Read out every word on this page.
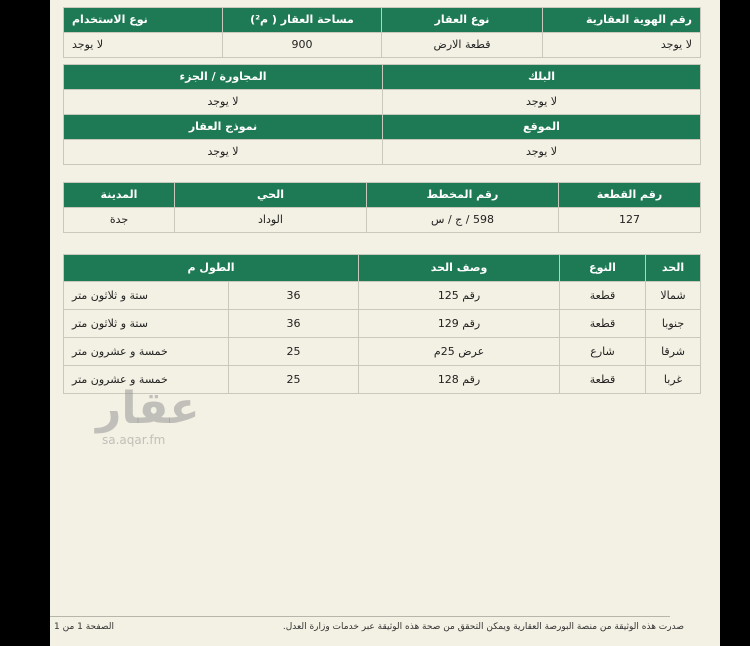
رقم الهوية العقارية	نوع العقار	مساحة العقار ( م²)	نوع الاستخدام
لا يوجد	قطعة الارض	900	لا يوجد
البلك	المجاورة / الجزء
لا يوجد	لا يوجد
الموقع	نموذج العقار
لا يوجد	لا يوجد
رقم القطعة	رقم المخطط	الحي	المدينة
127	598 / ج / س	الوداد	جدة
الحد	النوع	وصف الحد	الطول م	
شمالا	قطعة	رقم 125	36	ستة و ثلاثون متر
جنوبا	قطعة	رقم 129	36	ستة و ثلاثون متر
شرقا	شارع	عرض 25م	25	خمسة و عشرون متر
غربا	قطعة	رقم 128	25	خمسة و عشرون متر
عقار
sa.aqar.fm
صدرت هذه الوثيقة من منصة البورصة العقارية ويمكن التحقق من صحة هذه الوثيقة عبر خدمات وزارة العدل.
الصفحة 1 من 1
